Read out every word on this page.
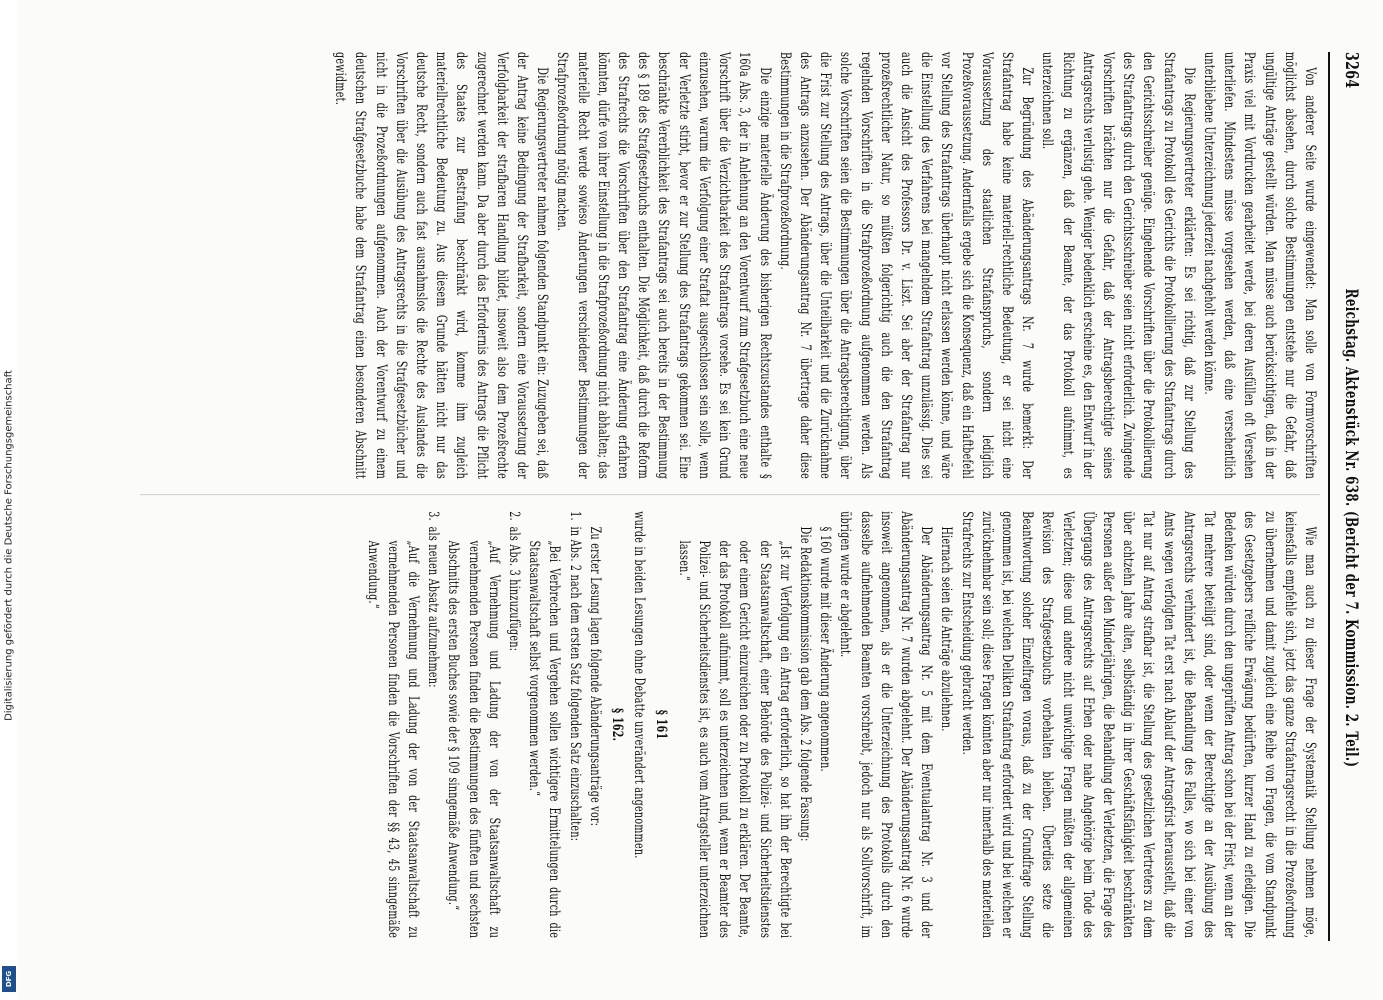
3264
Reichstag. Aktenstück Nr. 638. (Bericht der 7. Kommission. 2. Teil.)

Von anderer Seite wurde eingewendet: Man solle von Formvorschriften möglichst absehen, durch solche Bestimmungen entstehe nur die Gefahr, daß ungültige Anträge gestellt würden. Man müsse auch berücksichtigen, daß in der Praxis viel mit Vordrucken gearbeitet werde, bei deren Ausfüllen oft Versehen unterliefen. Mindestens müsse vorgesehen werden, daß eine versehentlich unterbliebene Unterzeichnung jederzeit nachgeholt werden könne.

Die Regierungsvertreter erklärten: Es sei richtig, daß zur Stellung des Strafantrags zu Protokoll des Gerichts die Protokollierung des Strafantrags durch den Gerichtsschreiber genüge. Eingehende Vorschriften über die Protokollierung des Strafantrags durch den Gerichtsschreiber seien nicht erforderlich. Zwingende Vorschriften brächten nur die Gefahr, daß der Antragsberechtigte seines Antragsrechts verlustig gehe. Weniger bedenklich erscheine es, den Entwurf in der Richtung zu ergänzen, daß der Beamte, der das Protokoll aufnimmt, es unterzeichnen soll.

Zur Begründung des Abänderungsantrags Nr. 7 wurde bemerkt: Der Strafantrag habe keine materiell-rechtliche Bedeutung, er sei nicht eine Voraussetzung des staatlichen Strafanspruchs, sondern lediglich Prozeßvoraussetzung. Andernfalls ergebe sich die Konsequenz, daß ein Haftbefehl vor Stellung des Strafantrags überhaupt nicht erlassen werden könne, und wäre die Einstellung des Verfahrens bei mangelndem Strafantrag unzulässig. Dies sei auch die Ansicht des Professors Dr. v. Liszt. Sei aber der Strafantrag nur prozeßrechtlicher Natur, so müßten folgerichtig auch die den Strafantrag regelnden Vorschriften in die Strafprozeßordnung aufgenommen werden. Als solche Vorschriften seien die Bestimmungen über die Antragsberechtigung, über die Frist zur Stellung des Antrags, über die Unteilbarkeit und die Zurücknahme des Antrags anzusehen. Der Abänderungsantrag Nr. 7 übertrage daher diese Bestimmungen in die Strafprozeßordnung.

Die einzige materielle Änderung des bisherigen Rechtszustandes enthalte § 160a Abs. 3, der in Anlehnung an den Vorentwurf zum Strafgesetzbuch eine neue Vorschrift über die Verzichtbarkeit des Strafantrags vorsehe. Es sei kein Grund einzusehen, warum die Verfolgung einer Straftat ausgeschlossen sein solle, wenn der Verletzte stirbt, bevor er zur Stellung des Strafantrags gekommen sei. Eine beschränkte Vererblichkeit des Strafantrags sei auch bereits in der Bestimmung des § 189 des Strafgesetzbuchs enthalten. Die Möglichkeit, daß durch die Reform des Strafrechts die Vorschriften über den Strafantrag eine Änderung erfahren könnten, dürfe von ihrer Einstellung in die Strafprozeßordnung nicht abhalten; das materielle Recht werde sowieso Änderungen verschiedener Bestimmungen der Strafprozeßordnung nötig machen.

Die Regierungsvertreter nahmen folgenden Standpunkt ein: Zuzugeben sei, daß der Antrag keine Bedingung der Strafbarkeit, sondern eine Voraussetzung der Verfolgbarkeit der strafbaren Handlung bildet, insoweit also dem Prozeßrechte zugerechnet werden kann. Da aber durch das Erfordernis des Antrags die Pflicht des Staates zur Bestrafung beschränkt wird, komme ihm zugleich materiellrechtliche Bedeutung zu. Aus diesem Grunde hätten nicht nur das deutsche Recht, sondern auch fast ausnahmslos die Rechte des Auslandes die Vorschriften über die Ausübung des Antragsrechts in die Strafgesetzbücher und nicht in die Prozeßordnungen aufgenommen. Auch der Vorentwurf zu einem deutschen Strafgesetzbuche habe dem Strafantrag einen besonderen Abschnitt gewidmet.

Wie man auch zu dieser Frage der Systematik Stellung nehmen möge, keinesfalls empfehle sich, jetzt das ganze Strafantragsrecht in die Prozeßordnung zu übernehmen und damit zugleich eine Reihe von Fragen, die vom Standpunkt des Gesetzgebers reifliche Erwägung bedürften, kurzer Hand zu erledigen. Die Bedenken würden durch den ungeprüften Antrag schon bei der Frist, wenn an der Tat mehrere beteiligt sind, oder wenn der Berechtigte an der Ausübung des Antragsrechts verhindert ist, die Behandlung des Falles, wo sich bei einer von Amts wegen verfolgten Tat erst nach Ablauf der Antragsfrist herausstellt, daß die Tat nur auf Antrag strafbar ist, die Stellung des gesetzlichen Vertreters zu dem über achtzehn Jahre alten, selbständig in ihrer Geschäftsfähigkeit beschränkten Personen außer den Minderjährigen, die Behandlung der Verletzten, die Frage des Übergangs des Antragsrechts auf Erben oder nahe Angehörige beim Tode des Verletzten; diese und andere nicht unwichtige Fragen müßten der allgemeinen Revision des Strafgesetzbuchs vorbehalten bleiben. Überdies setze die Beantwortung solcher Einzelfragen voraus, daß zu der Grundfrage Stellung genommen ist, bei welchen Delikten Strafantrag erfordert wird und bei welchen er zurücknehmbar sein soll; diese Fragen könnten aber nur innerhalb des materiellen Strafrechts zur Entscheidung gebracht werden.

Hiernach seien die Anträge abzulehnen.

Der Abänderungsantrag Nr. 5 mit dem Eventualantrag Nr. 3 und der Abänderungsantrag Nr. 7 wurden abgelehnt. Der Abänderungsantrag Nr. 6 wurde insoweit angenommen, als er die Unterzeichnung des Protokolls durch den dasselbe aufnehmenden Beamten vorschreibt, jedoch nur als Sollvorschrift, im übrigen wurde er abgelehnt.

§ 160 wurde mit dieser Änderung angenommen.

Die Redaktionskommission gab dem Abs. 2 folgende Fassung:

„Ist zur Verfolgung ein Antrag erforderlich, so hat ihn der Berechtigte bei der Staatsanwaltschaft, einer Behörde des Polizei- und Sicherheitsdienstes oder einem Gericht einzureichen oder zu Protokoll zu erklären. Der Beamte, der das Protokoll aufnimmt, soll es unterzeichnen und, wenn er Beamter des Polizei- und Sicherheitsdienstes ist, es auch vom Antragsteller unterzeichnen lassen.“

§ 161

wurde in beiden Lesungen ohne Debatte unverändert angenommen.

§ 162.

Zu erster Lesung lagen folgende Abänderungsanträge vor:

1.
in Abs. 2 nach dem ersten Satz folgenden Satz einzuschalten:

„Bei Verbrechen und Vergehen sollen wichtigere Ermittelungen durch die Staatsanwaltschaft selbst vorgenommen werden.“

2.
als Abs. 3 hinzuzufügen:

„Auf Vernehmung und Ladung der von der Staatsanwaltschaft zu vernehmenden Personen finden die Bestimmungen des fünften und sechsten Abschnitts des ersten Buches sowie der § 109 sinngemäße Anwendung.“

3.
als neuen Absatz aufzunehmen:

„Auf die Vernehmung und Ladung der von der Staatsanwaltschaft zu vernehmenden Personen finden die Vorschriften der §§ 43, 45 sinngemäße Anwendung.“

Digitalisierung gefördert durch die Deutsche Forschungsgemeinschaft
DFG
